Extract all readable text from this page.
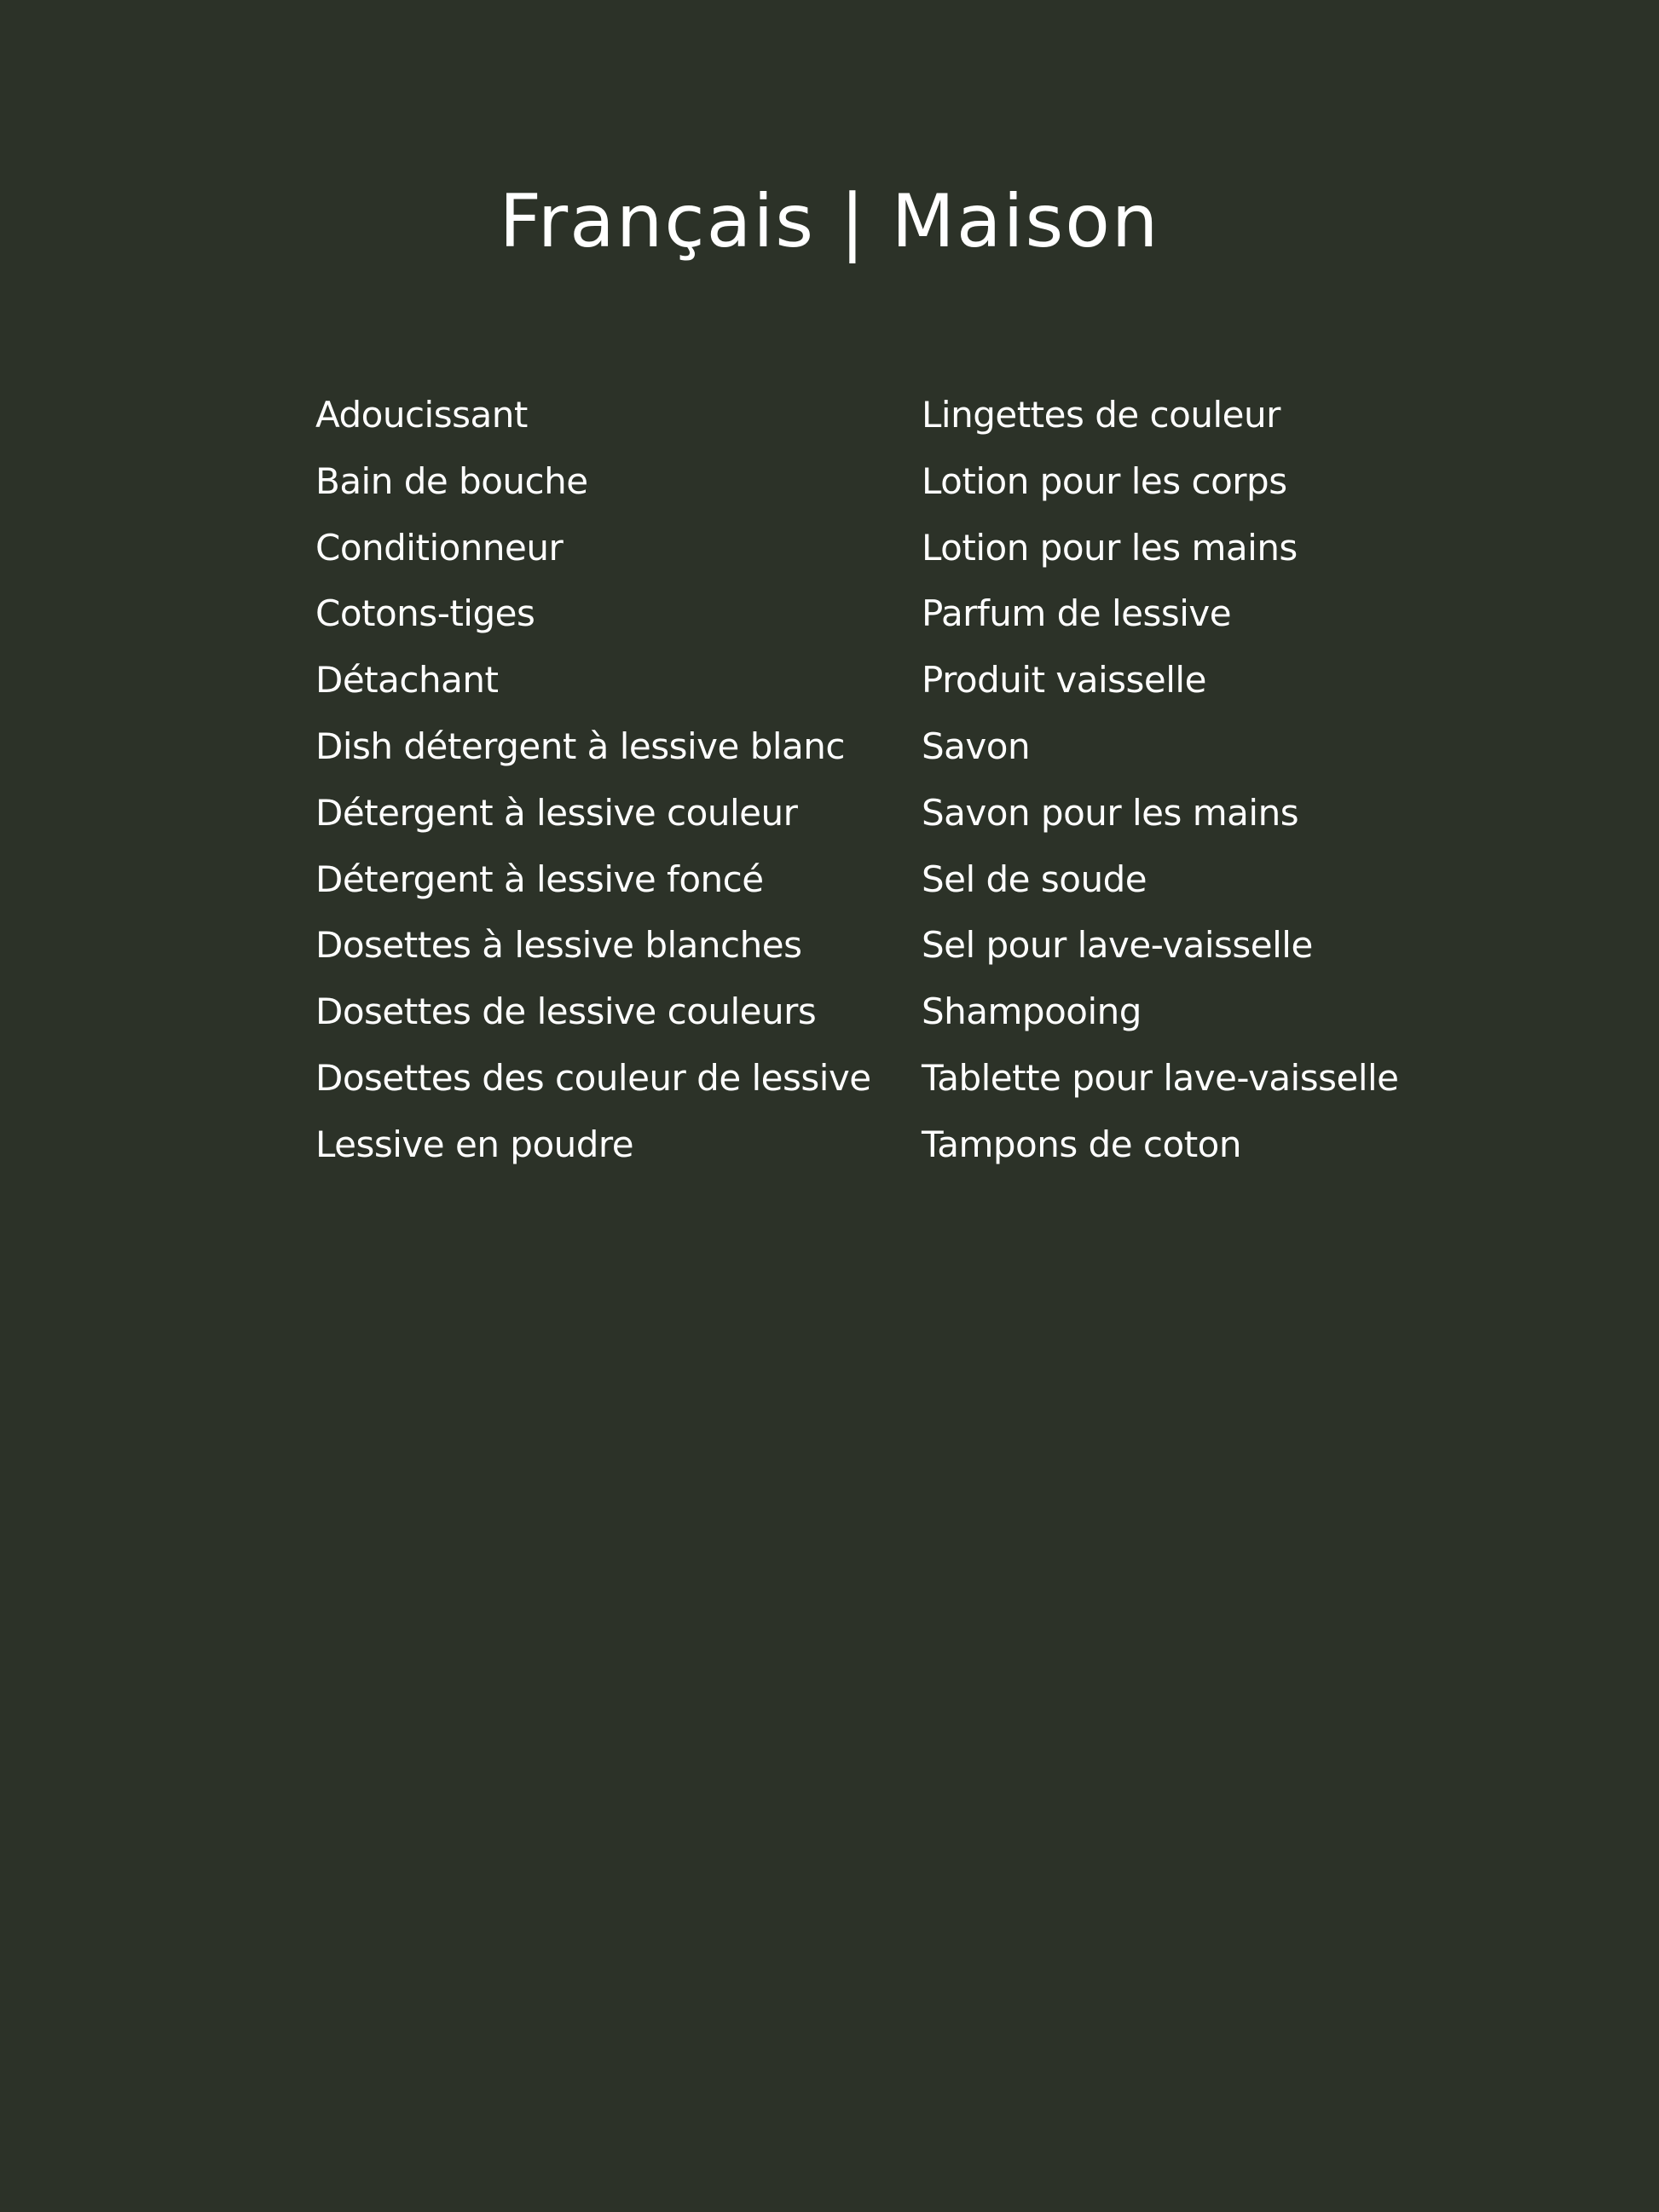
Français | Maison
Adoucissant
Bain de bouche
Conditionneur
Cotons-tiges
Détachant
Dish détergent à lessive blanc
Détergent à lessive couleur
Détergent à lessive foncé
Dosettes à lessive blanches
Dosettes de lessive couleurs
Dosettes des couleur de lessive
Lessive en poudre
Lingettes de couleur
Lotion pour les corps
Lotion pour les mains
Parfum de lessive
Produit vaisselle
Savon
Savon pour les mains
Sel de soude
Sel pour lave-vaisselle
Shampooing
Tablette pour lave-vaisselle
Tampons de coton
